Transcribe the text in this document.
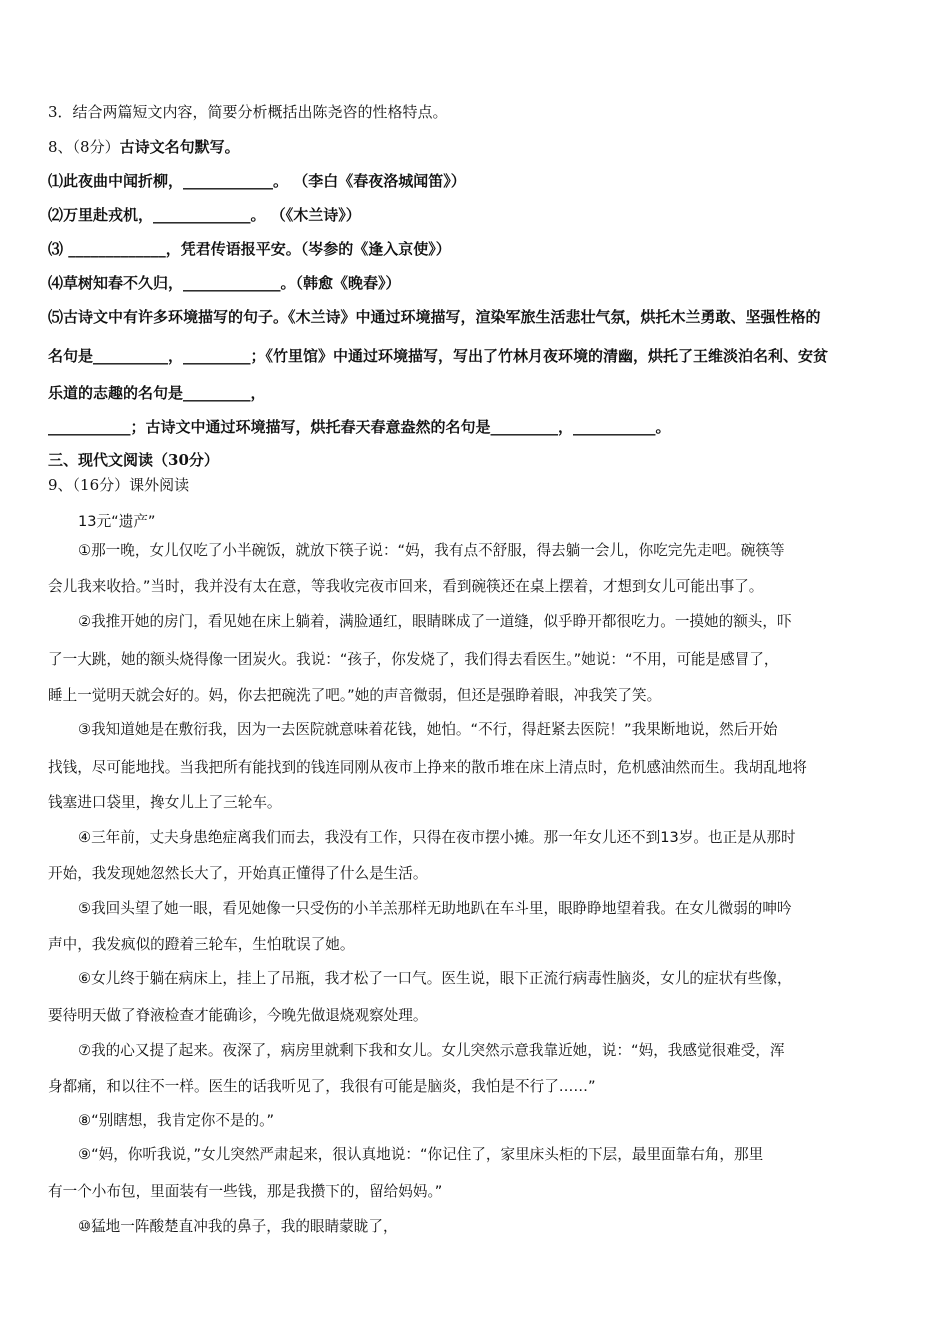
3．结合两篇短文内容，简要分析概括出陈尧咨的性格特点。
8、（8分）古诗文名句默写。
⑴此夜曲中闻折柳，____________。 （李白《春夜洛城闻笛》）
⑵万里赴戎机，_____________。 （《木兰诗》）
⑶ _____________，凭君传语报平安。（岑参的《逢入京使》）
⑷草树知春不久归，_____________。（韩愈《晚春》）
⑸古诗文中有许多环境描写的句子。《木兰诗》中通过环境描写，渲染军旅生活悲壮气氛，烘托木兰勇敢、坚强性格的
名句是__________，_________；《竹里馆》中通过环境描写，写出了竹林月夜环境的清幽，烘托了王维淡泊名利、安贫
乐道的志趣的名句是_________，
___________；古诗文中通过环境描写，烘托春天春意盎然的名句是_________，___________。
三、现代文阅读（30分）
9、（16分）课外阅读
13元“遗产”
①那一晚，女儿仅吃了小半碗饭，就放下筷子说：“妈，我有点不舒服，得去躺一会儿，你吃完先走吧。碗筷等
会儿我来收拾。”当时，我并没有太在意，等我收完夜市回来，看到碗筷还在桌上摆着，才想到女儿可能出事了。
②我推开她的房门，看见她在床上躺着，满脸通红，眼睛眯成了一道缝，似乎睁开都很吃力。一摸她的额头，吓
了一大跳，她的额头烧得像一团炭火。我说：“孩子，你发烧了，我们得去看医生。”她说：“不用，可能是感冒了，
睡上一觉明天就会好的。妈，你去把碗洗了吧。”她的声音微弱，但还是强睁着眼，冲我笑了笑。
③我知道她是在敷衍我，因为一去医院就意味着花钱，她怕。“不行，得赶紧去医院！”我果断地说，然后开始
找钱，尽可能地找。当我把所有能找到的钱连同刚从夜市上挣来的散币堆在床上清点时，危机感油然而生。我胡乱地将
钱塞进口袋里，搀女儿上了三轮车。
④三年前，丈夫身患绝症离我们而去，我没有工作，只得在夜市摆小摊。那一年女儿还不到13岁。也正是从那时
开始，我发现她忽然长大了，开始真正懂得了什么是生活。
⑤我回头望了她一眼，看见她像一只受伤的小羊羔那样无助地趴在车斗里，眼睁睁地望着我。在女儿微弱的呻吟
声中，我发疯似的蹬着三轮车，生怕耽误了她。
⑥女儿终于躺在病床上，挂上了吊瓶，我才松了一口气。医生说，眼下正流行病毒性脑炎，女儿的症状有些像，
要待明天做了脊液检查才能确诊，今晚先做退烧观察处理。
⑦我的心又提了起来。夜深了，病房里就剩下我和女儿。女儿突然示意我靠近她，说：“妈，我感觉很难受，浑
身都痛，和以往不一样。医生的话我听见了，我很有可能是脑炎，我怕是不行了……”
⑧“别瞎想，我肯定你不是的。”
⑨“妈，你听我说，”女儿突然严肃起来，很认真地说：“你记住了，家里床头柜的下层，最里面靠右角，那里
有一个小布包，里面装有一些钱，那是我攒下的，留给妈妈。”
⑩猛地一阵酸楚直冲我的鼻子，我的眼睛蒙眬了，
